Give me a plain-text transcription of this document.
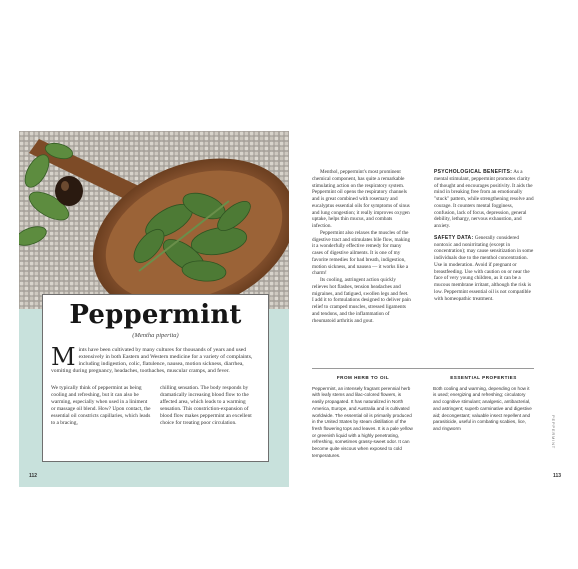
Peppermint
(Mentha piperita)
Mints have been cultivated by many cultures for thousands of years and used extensively in both Eastern and Western medicine for a variety of complaints, including indigestion, colic, flatulence, nausea, motion sickness, diarrhea, vomiting during pregnancy, headaches, toothaches, muscular cramps, and fever.

We typically think of peppermint as being cooling and refreshing, but it can also be warming, especially when used in a liniment or massage oil blend. How? Upon contact, the essential oil constricts capillaries, which leads to a bracing,

chilling sensation. The body responds by dramatically increasing blood flow to the affected area, which leads to a warming sensation. This constriction-expansion of blood flow makes peppermint an excellent choice for treating poor circulation.

112

Menthol, peppermint's most prominent chemical component, has quite a remarkable stimulating action on the respiratory system. Peppermint oil opens the respiratory channels and is great combined with rosemary and eucalyptus essential oils for symptoms of sinus and lung congestion; it really improves oxygen uptake, helps thin mucus, and combats infection.

Peppermint also relaxes the muscles of the digestive tract and stimulates bile flow, making it a wonderfully effective remedy for many cases of digestive ailments. It is one of my favorite remedies for bad breath, indigestion, motion sickness, and nausea — it works like a charm!

Its cooling, astringent action quickly relieves hot flashes, tension headaches and migraines, and fatigued, swollen legs and feet. I add it to formulations designed to deliver pain relief to cramped muscles, stressed ligaments and tendons, and the inflammation of rheumatoid arthritis and gout.

PSYCHOLOGICAL BENEFITS: As a mental stimulant, peppermint promotes clarity of thought and encourages positivity. It aids the mind in breaking free from an emotionally "stuck" pattern, while strengthening resolve and courage. It counters mental fogginess, confusion, lack of focus, depression, general debility, lethargy, nervous exhaustion, and anxiety.

SAFETY DATA: Generally considered nontoxic and nonirritating (except in concentration); may cause sensitization in some individuals due to the menthol concentration. Use in moderation. Avoid if pregnant or breastfeeding. Use with caution on or near the face of very young children, as it can be a mucous membrane irritant, although the risk is low. Peppermint essential oil is not compatible with homeopathic treatment.

FROM HERB TO OIL
Peppermint, an intensely fragrant perennial herb with leafy stems and lilac-colored flowers, is easily propagated. It has naturalized in North America, Europe, and Australia and is cultivated worldwide. The essential oil is primarily produced in the United States by steam distillation of the fresh flowering tops and leaves. It is a pale yellow or greenish liquid with a highly penetrating, refreshing, sometimes grassy-sweet odor. It can become quite viscous when exposed to cold temperatures.
ESSENTIAL PROPERTIES
Both cooling and warming, depending on how it is used; energizing and refreshing; circulatory and cognitive stimulant; analgesic, antibacterial, and astringent; superb carminative and digestive aid; decongestant; valuable insect repellent and parasiticide, useful in combating scabies, lice, and ringworm	PEPPERMINT
113
